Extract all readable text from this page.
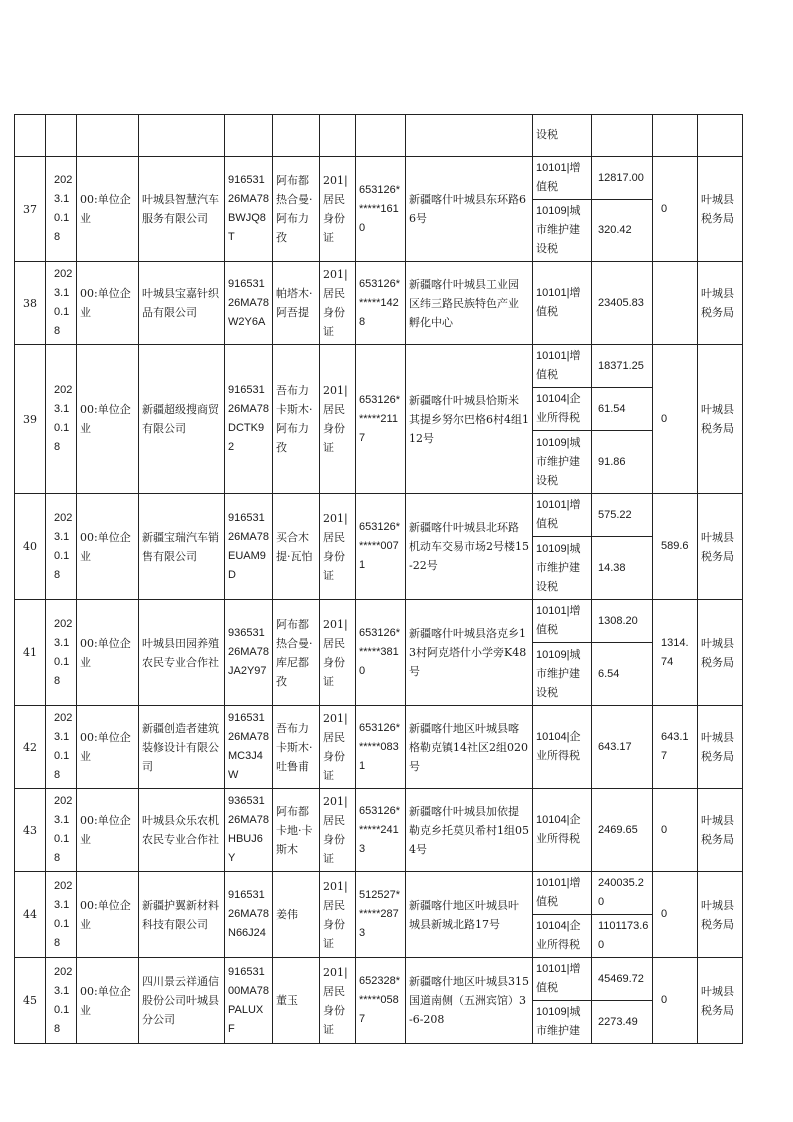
									设税			

37	2023.10.18	00:单位企业	叶城县智慧汽车服务有限公司	91653126MA78BWJQ8T	阿布都热合曼·阿布力孜	201|居民身份证	653126******1610	新疆喀什叶城县东环路66号	10101|增值税	12817.00	0	叶城县税务局

									10109|城市维护建设税	320.42		

38	2023.10.18	00:单位企业	叶城县宝嘉针织品有限公司	91653126MA78W2Y6A	帕塔木·阿吾提	201|居民身份证	653126******1428	新疆喀什叶城县工业园区纬三路民族特色产业孵化中心	10101|增值税	23405.83		叶城县税务局

39	2023.10.18	00:单位企业	新疆超级搜商贸有限公司	91653126MA78DCTK92	吾布力卡斯木·阿布力孜	201|居民身份证	653126******2117	新疆喀什叶城县恰斯米其提乡努尔巴格6村4组112号	10101|增值税	18371.25	0	叶城县税务局

									10104|企业所得税	61.54		

									10109|城市维护建设税	91.86		

40	2023.10.18	00:单位企业	新疆宝瑞汽车销售有限公司	91653126MA78EUAM9D	买合木提·瓦怕	201|居民身份证	653126******0071	新疆喀什叶城县北环路机动车交易市场2号楼15-22号	10101|增值税	575.22	589.6	叶城县税务局

									10109|城市维护建设税	14.38		

41	2023.10.18	00:单位企业	叶城县田园养殖农民专业合作社	93653126MA78JA2Y97	阿布都热合曼·库尼都孜	201|居民身份证	653126******3810	新疆喀什叶城县洛克乡13村阿克塔什小学旁K48号	10101|增值税	1308.20	1314.74	叶城县税务局

									10109|城市维护建设税	6.54		

42	2023.10.18	00:单位企业	新疆创造者建筑装修设计有限公司	91653126MA78MC3J4W	吾布力卡斯木·吐鲁甫	201|居民身份证	653126******0831	新疆喀什地区叶城县喀格勒克镇14社区2组020号	10104|企业所得税	643.17	643.17	叶城县税务局

43	2023.10.18	00:单位企业	叶城县众乐农机农民专业合作社	93653126MA78HBUJ6Y	阿布都卡地·卡斯木	201|居民身份证	653126******2413	新疆喀什叶城县加依提勒克乡托莫贝希村1组054号	10104|企业所得税	2469.65	0	叶城县税务局

44	2023.10.18	00:单位企业	新疆护翼新材料科技有限公司	91653126MA78N66J24	姜伟	201|居民身份证	512527******2873	新疆喀什地区叶城县叶城县新城北路17号	10101|增值税	240035.20	0	叶城县税务局

									10104|企业所得税	1101173.60		

45	2023.10.18	00:单位企业	四川景云祥通信股份公司叶城县分公司	91653100MA78PALUXF	董玉	201|居民身份证	652328******0587	新疆喀什地区叶城县315国道南侧（五洲宾馆）3-6-208	10101|增值税	45469.72	0	叶城县税务局

									10109|城市维护建	2273.49		
